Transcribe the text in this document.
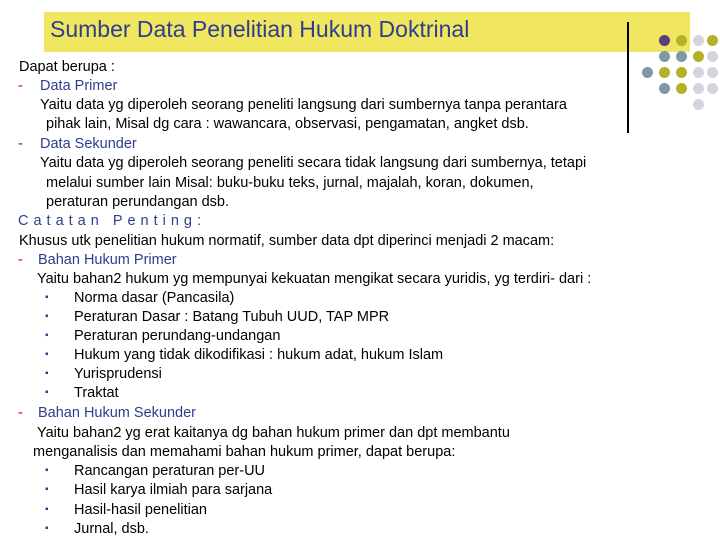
Sumber Data Penelitian Hukum Doktrinal
Dapat berupa :
- Data Primer
Yaitu data yg diperoleh seorang peneliti langsung dari sumbernya tanpa perantara
pihak lain, Misal dg cara : wawancara, observasi, pengamatan, angket dsb.
- Data Sekunder
Yaitu data yg diperoleh seorang peneliti secara tidak langsung dari sumbernya, tetapi
melalui sumber lain Misal: buku-buku teks, jurnal, majalah, koran, dokumen,
peraturan perundangan dsb.
Catatan Penting:
Khusus utk penelitian hukum normatif, sumber data dpt diperinci menjadi 2 macam:
- Bahan Hukum Primer
Yaitu bahan2 hukum yg mempunyai kekuatan mengikat secara yuridis, yg terdiri- dari :
▪ Norma dasar (Pancasila)
▪ Peraturan Dasar : Batang Tubuh UUD, TAP MPR
▪ Peraturan perundang-undangan
▪ Hukum yang tidak dikodifikasi : hukum adat, hukum Islam
▪ Yurisprudensi
▪ Traktat
- Bahan Hukum Sekunder
Yaitu bahan2 yg erat kaitanya dg bahan hukum primer dan dpt membantu
menganalisis dan memahami bahan hukum primer, dapat berupa:
▪ Rancangan peraturan per-UU
▪ Hasil karya ilmiah para sarjana
▪ Hasil-hasil penelitian
▪ Jurnal, dsb.
